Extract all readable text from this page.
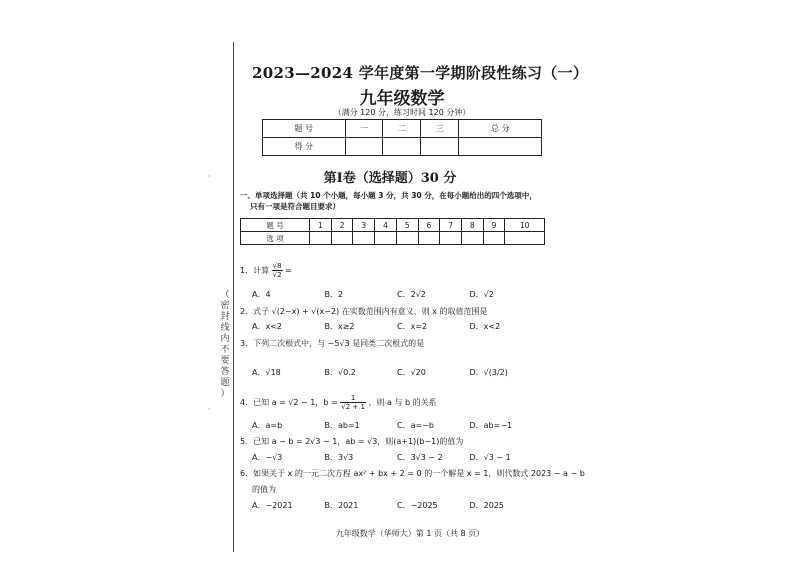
·
·
（
密
封
线
内
不
要
答
题
）
2023—2024 学年度第一学期阶段性练习（一）
九年级数学
（满分 120 分，练习时间 120 分钟）
题 号	一	二	三	总 分
得 分				
第Ⅰ卷（选择题）30 分
一、单项选择题（共 10 个小题，每小题 3 分，共 30 分，在每小题给出的四个选项中，
只有一项是符合题目要求）
题 号	1	2	3	4	5	6	7	8	9	10
选 项										
1．计算 $\frac{√8}{√2}$ =
A．4	B．2	C．2√2	D．√2
2．式子 √(2−x) + √(x−2) 在实数范围内有意义，则 x 的取值范围是
A．x<2	B．x≥2	C．x=2	D．x<2
3．下列二次根式中，与 −5√3 是同类二次根式的是
A．√18	B．√0.2	C．√20	D．√(3/2)
4．已知 a = √2 − 1，$b = \frac{1}{√2 + 1}$ ，则 a 与 b 的关系
A．a=b	B．ab=1	C．a=−b	D．ab=−1
5．已知 a − b = 2√3 − 1，ab = √3，则(a+1)(b−1)的值为
A．−√3	B．3√3	C．3√3 − 2	D．√3 − 1
6．如果关于 x 的一元二次方程 ax² + bx + 2 = 0 的一个解是 x = 1，则代数式 2023 − a − b
的值为
A．−2021	B．2021	C．−2025	D．2025
九年级数学（华师大）第 1 页（共 8 页）
